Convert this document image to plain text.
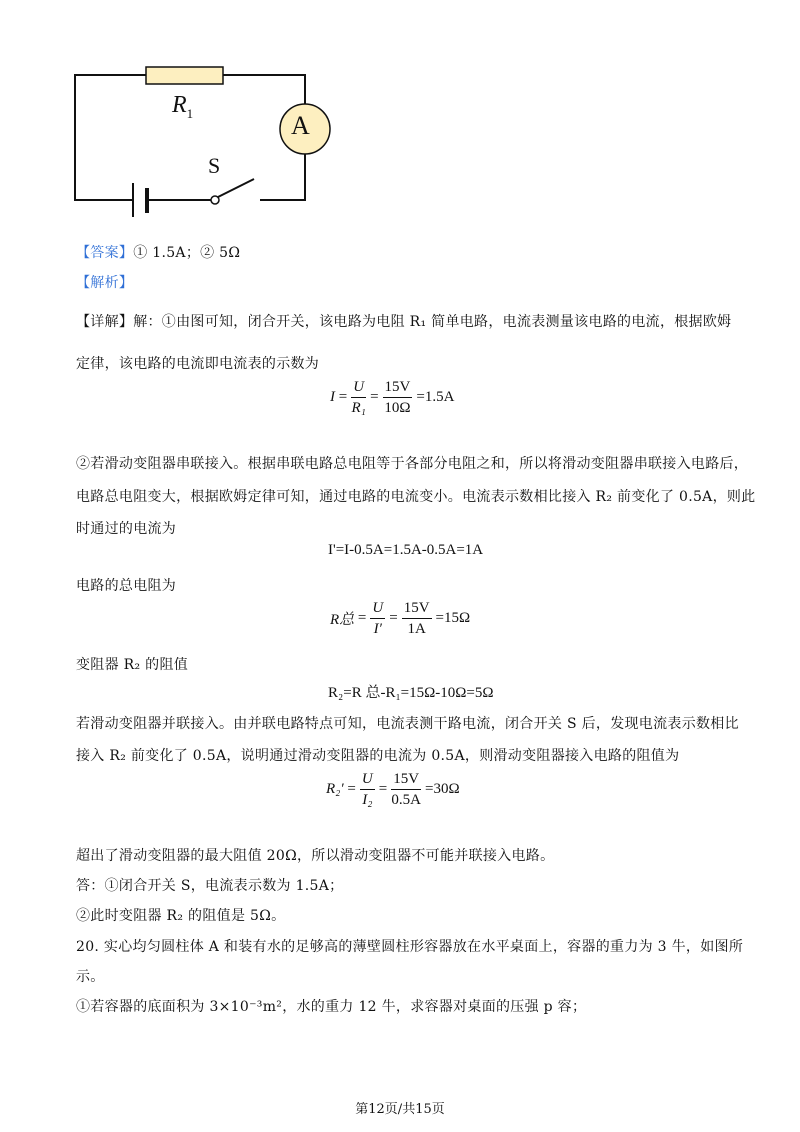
$R_1$	A
S
【答案】① 1.5A；② 5Ω
【解析】
【详解】解：①由图可知，闭合开关，该电路为电阻 R₁ 简单电路，电流表测量该电路的电流，根据欧姆
定律，该电路的电流即电流表的示数为
$I = \frac{U}{\text{R₁}} = \frac{15V}{10\Omega} =1.5A$
②若滑动变阻器串联接入。根据串联电路总电阻等于各部分电阻之和，所以将滑动变阻器串联接入电路后，
电路总电阻变大，根据欧姆定律可知，通过电路的电流变小。电流表示数相比接入 R₂ 前变化了 0.5A，则此
时通过的电流为
I'=I-0.5A=1.5A-0.5A=1A
电路的总电阻为
R总 = $\frac{U}{I'} = \frac{15V}{1A} =15\Omega$
变阻器 R₂ 的阻值
R₂=R 总-R₁=15Ω-10Ω=5Ω
若滑动变阻器并联接入。由并联电路特点可知，电流表测干路电流，闭合开关 S 后，发现电流表示数相比
接入 R₂ 前变化了 0.5A，说明通过滑动变阻器的电流为 0.5A，则滑动变阻器接入电路的阻值为
$R_2' = \frac{U}{\text{I₂}} = \frac{15V}{0.5A} =30\Omega$
超出了滑动变阻器的最大阻值 20Ω，所以滑动变阻器不可能并联接入电路。
答：①闭合开关 S，电流表示数为 1.5A；
②此时变阻器 R₂ 的阻值是 5Ω。
20. 实心均匀圆柱体 A 和装有水的足够高的薄壁圆柱形容器放在水平桌面上，容器的重力为 3 牛，如图所
示。
①若容器的底面积为 3×10⁻³m²，水的重力 12 牛，求容器对桌面的压强 p 容；
第12页/共15页
